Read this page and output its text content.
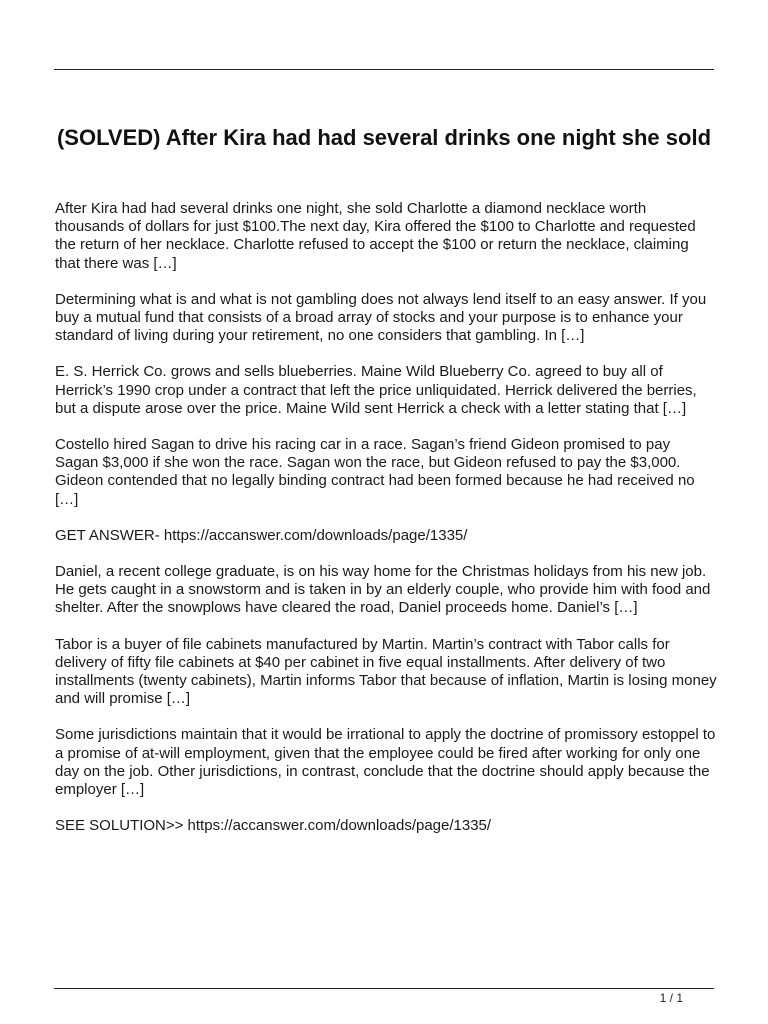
(SOLVED) After Kira had had several drinks one night she sold

After Kira had had several drinks one night, she sold Charlotte a diamond necklace worth thousands of dollars for just $100.The next day, Kira offered the $100 to Charlotte and requested the return of her necklace. Charlotte refused to accept the $100 or return the necklace, claiming that there was […]

Determining what is and what is not gambling does not always lend itself to an easy answer. If you buy a mutual fund that consists of a broad array of stocks and your purpose is to enhance your standard of living during your retirement, no one considers that gambling. In […]

E. S. Herrick Co. grows and sells blueberries. Maine Wild Blueberry Co. agreed to buy all of Herrick’s 1990 crop under a contract that left the price unliquidated. Herrick delivered the berries, but a dispute arose over the price. Maine Wild sent Herrick a check with a letter stating that […]

Costello hired Sagan to drive his racing car in a race. Sagan’s friend Gideon promised to pay Sagan $3,000 if she won the race. Sagan won the race, but Gideon refused to pay the $3,000. Gideon contended that no legally binding contract had been formed because he had received no […]

GET ANSWER- https://accanswer.com/downloads/page/1335/

Daniel, a recent college graduate, is on his way home for the Christmas holidays from his new job. He gets caught in a snowstorm and is taken in by an elderly couple, who provide him with food and shelter. After the snowplows have cleared the road, Daniel proceeds home. Daniel’s […]

Tabor is a buyer of file cabinets manufactured by Martin. Martin’s contract with Tabor calls for delivery of fifty file cabinets at $40 per cabinet in five equal installments. After delivery of two installments (twenty cabinets), Martin informs Tabor that because of inflation, Martin is losing money and will promise […]

Some jurisdictions maintain that it would be irrational to apply the doctrine of promissory estoppel to a promise of at-will employment, given that the employee could be fired after working for only one day on the job. Other jurisdictions, in contrast, conclude that the doctrine should apply because the employer […]

SEE SOLUTION>> https://accanswer.com/downloads/page/1335/

1 / 1
